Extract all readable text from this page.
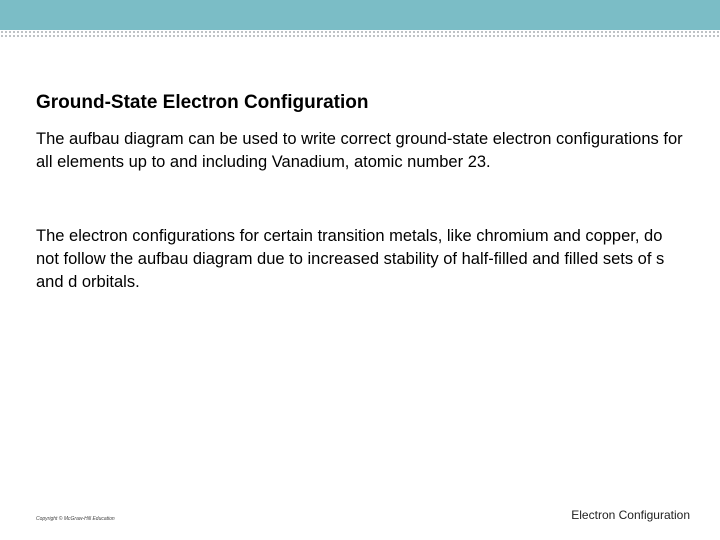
Ground-State Electron Configuration

The aufbau diagram can be used to write correct ground-state electron configurations for all elements up to and including Vanadium, atomic number 23.

The electron configurations for certain transition metals, like chromium and copper, do not follow the aufbau diagram due to increased stability of half-filled and filled sets of s and d orbitals.

Copyright © McGraw-Hill Education	Electron Configuration
